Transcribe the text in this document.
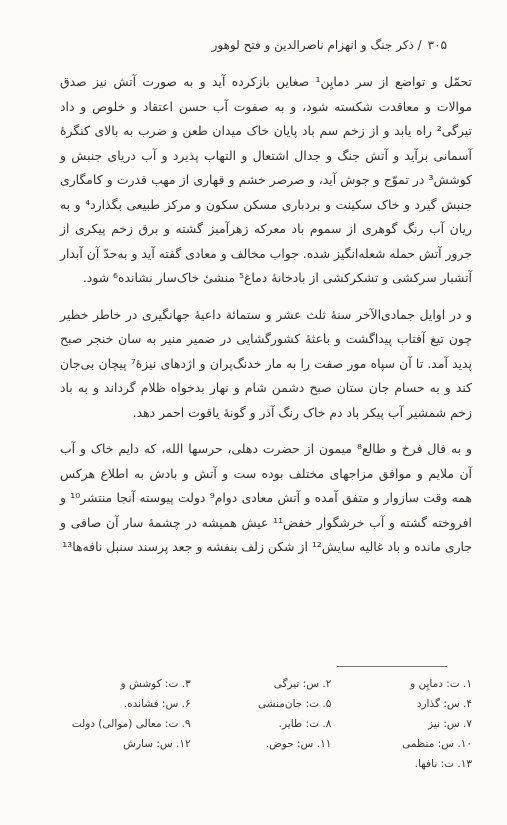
۳۰۵/ ذکر جنگ و انهزام ناصرالدین و فتح لوهور

تحمّل و تواضع از سر دمایِن¹ صغاین بازکرده آید و به صورت آتش نیز صدق موالات و معاقدت شکسته شود، و به صفوت آب حسن اعتقاد و خلوص و داد تیرگی² راه یابد و از زخم سم باد پایان خاک میدان طعن و ضرب به بالای کنگرهٔ آسمانی برآید و آتش جنگ و جدال اشتعال و التهاب پذیرد و آب دریای جنبش و کوشش³ در تموّج و جوش آید، و صرصر خشم و قهاری از مهب قدرت و کامگاری جنبش گیرد و خاک سکینت و بردباری مسکن سکون و مرکز طبیعی بگذارد⁴ و به ریان آب رنگ گوهری از سموم باد معرکه زهرآمیز گشته و برق زخم پیکری از جرور آتش حمله شعله‌انگیز شده. جواب مخالف و معادی گفته آید و به‌حدّ آن آبدار آتشبار سرکشی و تشکرکشی از بادخانهٔ دماغ⁵ منشیٔ خاک‌سار نشانده⁶ شود.

و در اوایل جمادی‌الآخر سنهٔ ثلث عشر و ستمائة داعیهٔ جهانگیری در خاطر خطیر چون تیغ آفتاب پیداگشت و باعثهٔ کشورگشایی در ضمیر منیر به سان خنجر صبح پدید آمد. تا آن سپاه مور صفت را به مار خدنگ‌پران و اژدهای نیزهٔ⁷ پیچان بی‌جان کند و به حسام جان ستان صبح دشمن شام و نهار بدخواه ظلام گرداند و به باد زخم شمشیر آب پیکر باد دم خاک رنگ آذر و گونهٔ یاقوت احمر دهد.

و به فال فرخ و طالع⁸ میمون از حضرت دهلی، حرسها الله، که دایم خاک و آب آن ملایم و موافق مزاجهای مختلف بوده ست و آتش و بادش به اطلاع هرکس همه وقت سازوار و متفق آمده و آتش معادی دوام⁹ دولت پیوسته آنجا منتشر¹⁰ و افروخته گشته و آب خرشگوار خفض¹¹ عیش همیشه در چشمهٔ سار آن صافی و جاری مانده و باد غالیه سایش¹² از شکن زلف بنفشه و جعد پرسند سنبل نافه‌ها¹³

۱. ت: دمایِن و
۲. س: تیرگی
۳. ت: کوشش و
۴. س: گذارد
۵. ت: جان‌منشی
۶. س: فشانده.
۷. س: نیز
۸. ت: طایر.
۹. ت: معالی (موالی) دولت
۱۰. س: منظمی
۱۱. س: حوض.
۱۲. س: سارش
۱۳. ت: نافها.
